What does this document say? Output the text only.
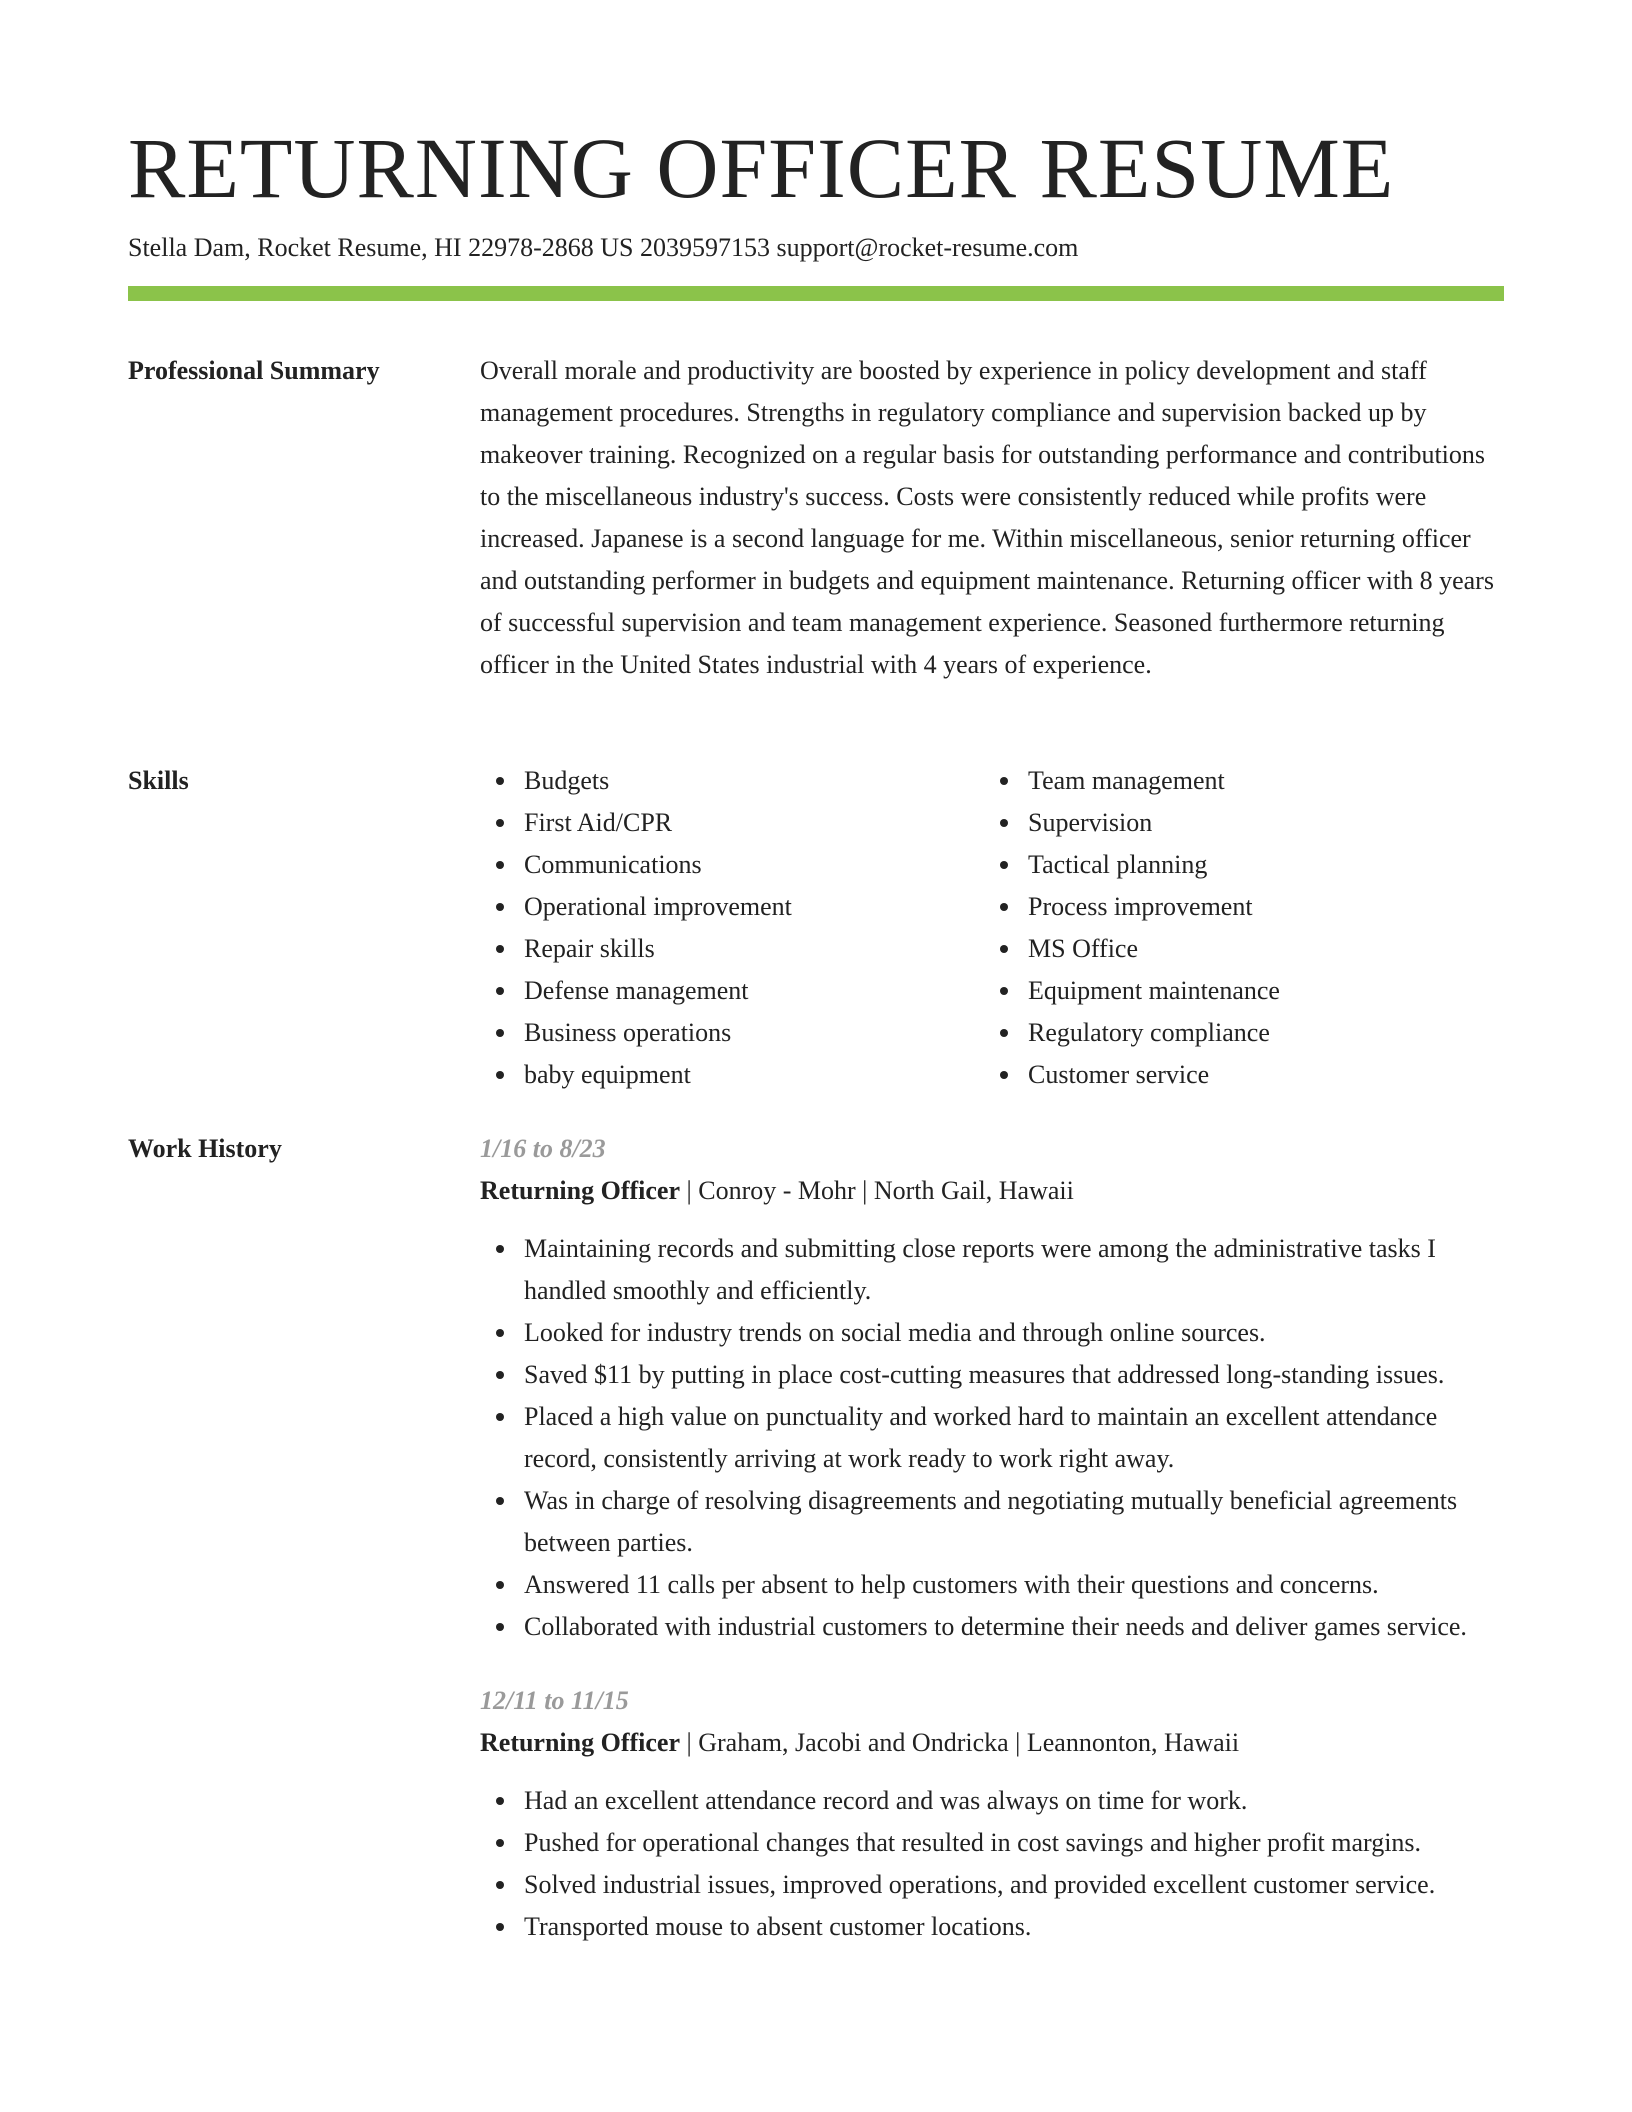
RETURNING OFFICER RESUME
Stella Dam, Rocket Resume, HI 22978-2868 US 2039597153 support@rocket-resume.com
Professional Summary	Overall morale and productivity are boosted by experience in policy development and staff management procedures. Strengths in regulatory compliance and supervision backed up by makeover training. Recognized on a regular basis for outstanding performance and contributions to the miscellaneous industry's success. Costs were consistently reduced while profits were increased. Japanese is a second language for me. Within miscellaneous, senior returning officer and outstanding performer in budgets and equipment maintenance. Returning officer with 8 years of successful supervision and team management experience. Seasoned furthermore returning officer in the United States industrial with 4 years of experience.

Skills	Budgets
First Aid/CPR
Communications
Operational improvement
Repair skills
Defense management
Business operations
baby equipment
Team management
Supervision
Tactical planning
Process improvement
MS Office
Equipment maintenance
Regulatory compliance
Customer service
Work History	1/16 to 8/23
Returning Officer | Conroy - Mohr | North Gail, Hawaii
Maintaining records and submitting close reports were among the administrative tasks I handled smoothly and efficiently.
Looked for industry trends on social media and through online sources.
Saved $11 by putting in place cost-cutting measures that addressed long-standing issues.
Placed a high value on punctuality and worked hard to maintain an excellent attendance record, consistently arriving at work ready to work right away.
Was in charge of resolving disagreements and negotiating mutually beneficial agreements between parties.
Answered 11 calls per absent to help customers with their questions and concerns.
Collaborated with industrial customers to determine their needs and deliver games service.
12/11 to 11/15
Returning Officer | Graham, Jacobi and Ondricka | Leannonton, Hawaii
Had an excellent attendance record and was always on time for work.
Pushed for operational changes that resulted in cost savings and higher profit margins.
Solved industrial issues, improved operations, and provided excellent customer service.
Transported mouse to absent customer locations.
